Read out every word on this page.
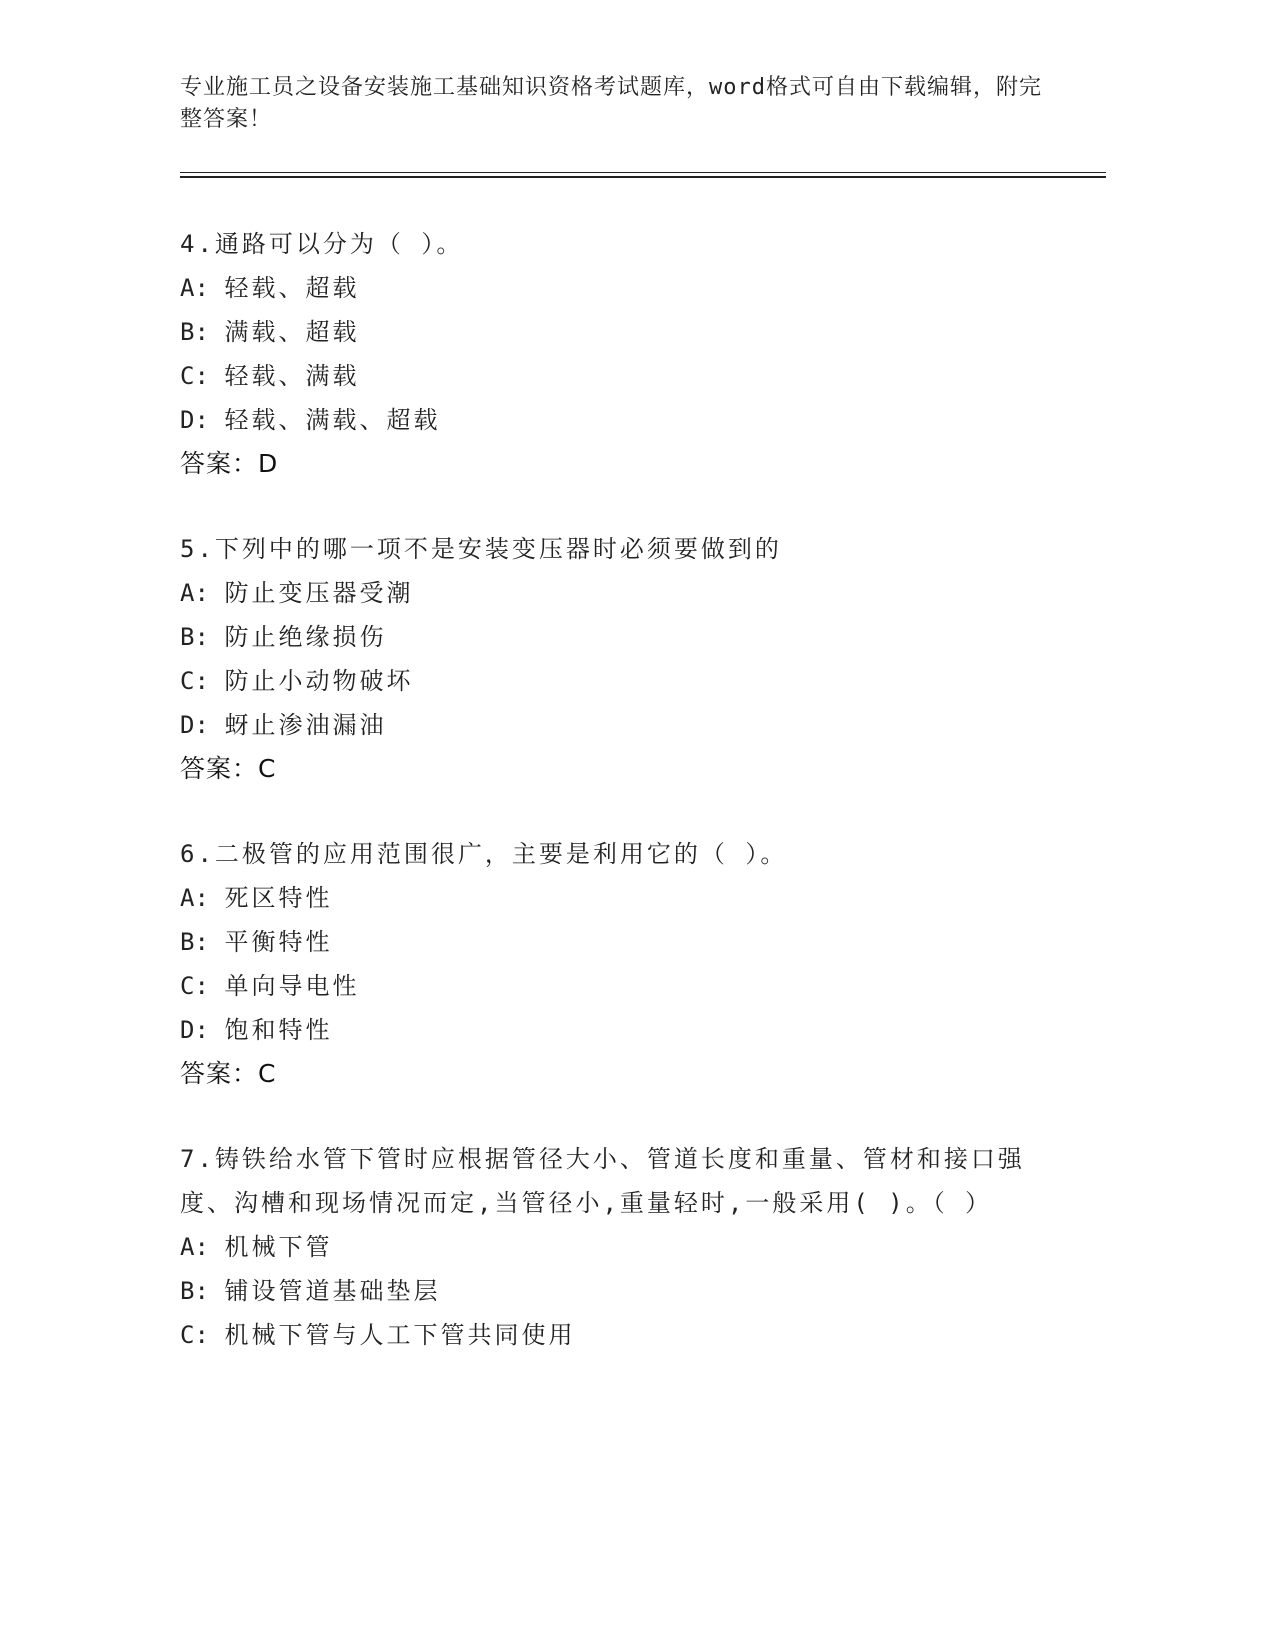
专业施工员之设备安装施工基础知识资格考试题库，word格式可自由下载编辑，附完整答案！
4.通路可以分为（ ）。
A: 轻载、超载
B: 满载、超载
C: 轻载、满载
D: 轻载、满载、超载
答案：D
5.下列中的哪一项不是安装变压器时必须要做到的
A: 防止变压器受潮
B: 防止绝缘损伤
C: 防止小动物破坏
D: 蚜止渗油漏油
答案：C
6.二极管的应用范围很广，主要是利用它的（ ）。
A: 死区特性
B: 平衡特性
C: 单向导电性
D: 饱和特性
答案：C
7.铸铁给水管下管时应根据管径大小、管道长度和重量、管材和接口强度、沟槽和现场情况而定,当管径小,重量轻时,一般采用( )。（ ）
A: 机械下管
B: 铺设管道基础垫层
C: 机械下管与人工下管共同使用
